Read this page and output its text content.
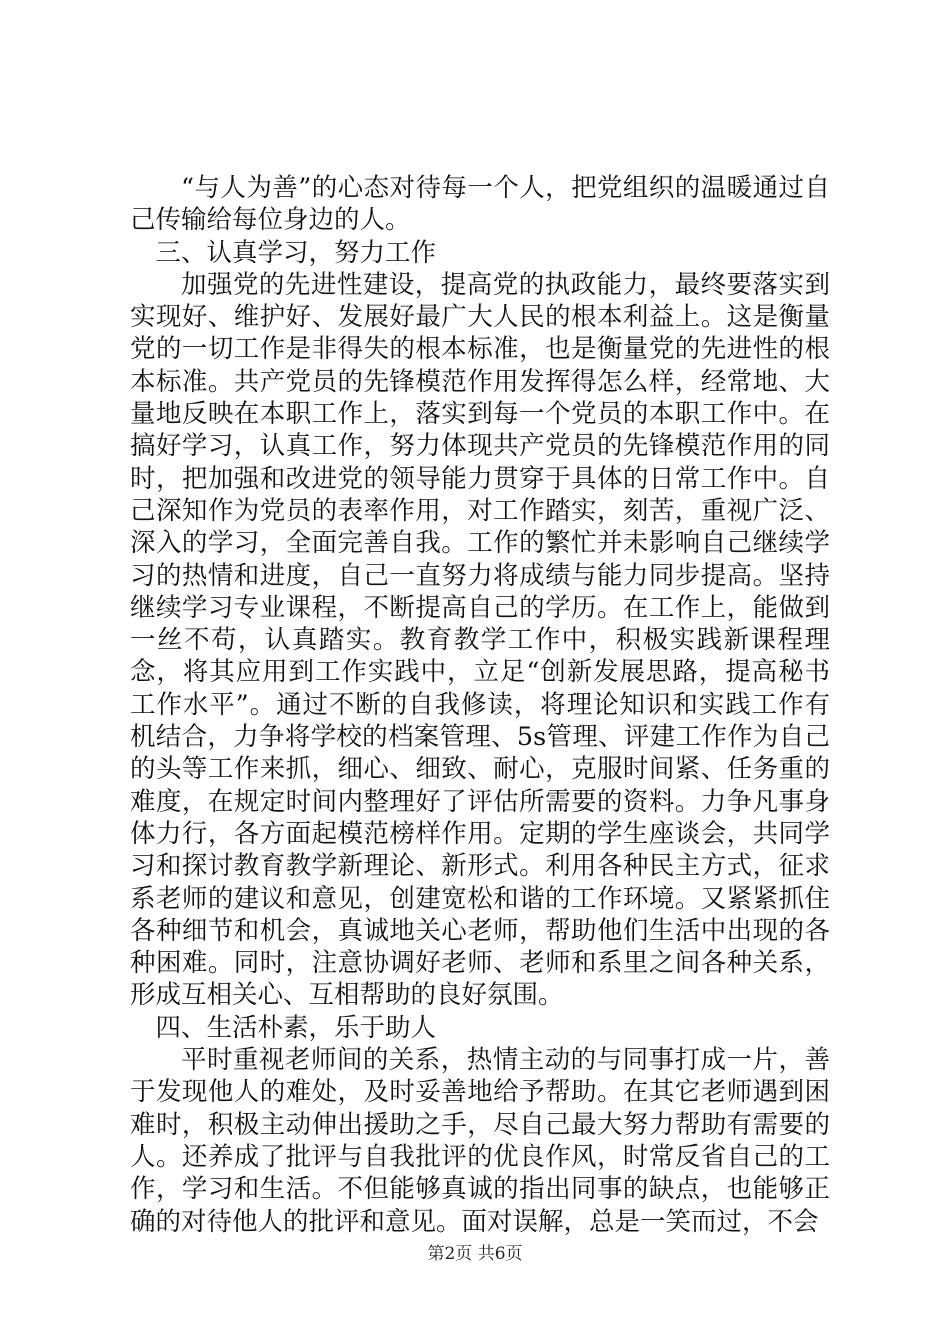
“与人为善”的心态对待每一个人，把党组织的温暖通过自己传输给每位身边的人。

三、认真学习，努力工作

加强党的先进性建设，提高党的执政能力，最终要落实到实现好、维护好、发展好最广大人民的根本利益上。这是衡量党的一切工作是非得失的根本标准，也是衡量党的先进性的根本标准。共产党员的先锋模范作用发挥得怎么样，经常地、大量地反映在本职工作上，落实到每一个党员的本职工作中。在搞好学习，认真工作，努力体现共产党员的先锋模范作用的同时，把加强和改进党的领导能力贯穿于具体的日常工作中。自己深知作为党员的表率作用，对工作踏实，刻苦，重视广泛、深入的学习，全面完善自我。工作的繁忙并未影响自己继续学习的热情和进度，自己一直努力将成绩与能力同步提高。坚持继续学习专业课程，不断提高自己的学历。在工作上，能做到一丝不苟，认真踏实。教育教学工作中，积极实践新课程理念，将其应用到工作实践中，立足“创新发展思路，提高秘书工作水平”。通过不断的自我修读，将理论知识和实践工作有机结合，力争将学校的档案管理、5s管理、评建工作作为自己的头等工作来抓，细心、细致、耐心，克服时间紧、任务重的难度，在规定时间内整理好了评估所需要的资料。力争凡事身体力行，各方面起模范榜样作用。定期的学生座谈会，共同学习和探讨教育教学新理论、新形式。利用各种民主方式，征求系老师的建议和意见，创建宽松和谐的工作环境。又紧紧抓住各种细节和机会，真诚地关心老师，帮助他们生活中出现的各种困难。同时，注意协调好老师、老师和系里之间各种关系，形成互相关心、互相帮助的良好氛围。

四、生活朴素，乐于助人

平时重视老师间的关系，热情主动的与同事打成一片，善于发现他人的难处，及时妥善地给予帮助。在其它老师遇到困难时，积极主动伸出援助之手，尽自己最大努力帮助有需要的人。还养成了批评与自我批评的优良作风，时常反省自己的工作，学习和生活。不但能够真诚的指出同事的缺点，也能够正确的对待他人的批评和意见。面对误解，总是一笑而过，不会

第2页 共6页
